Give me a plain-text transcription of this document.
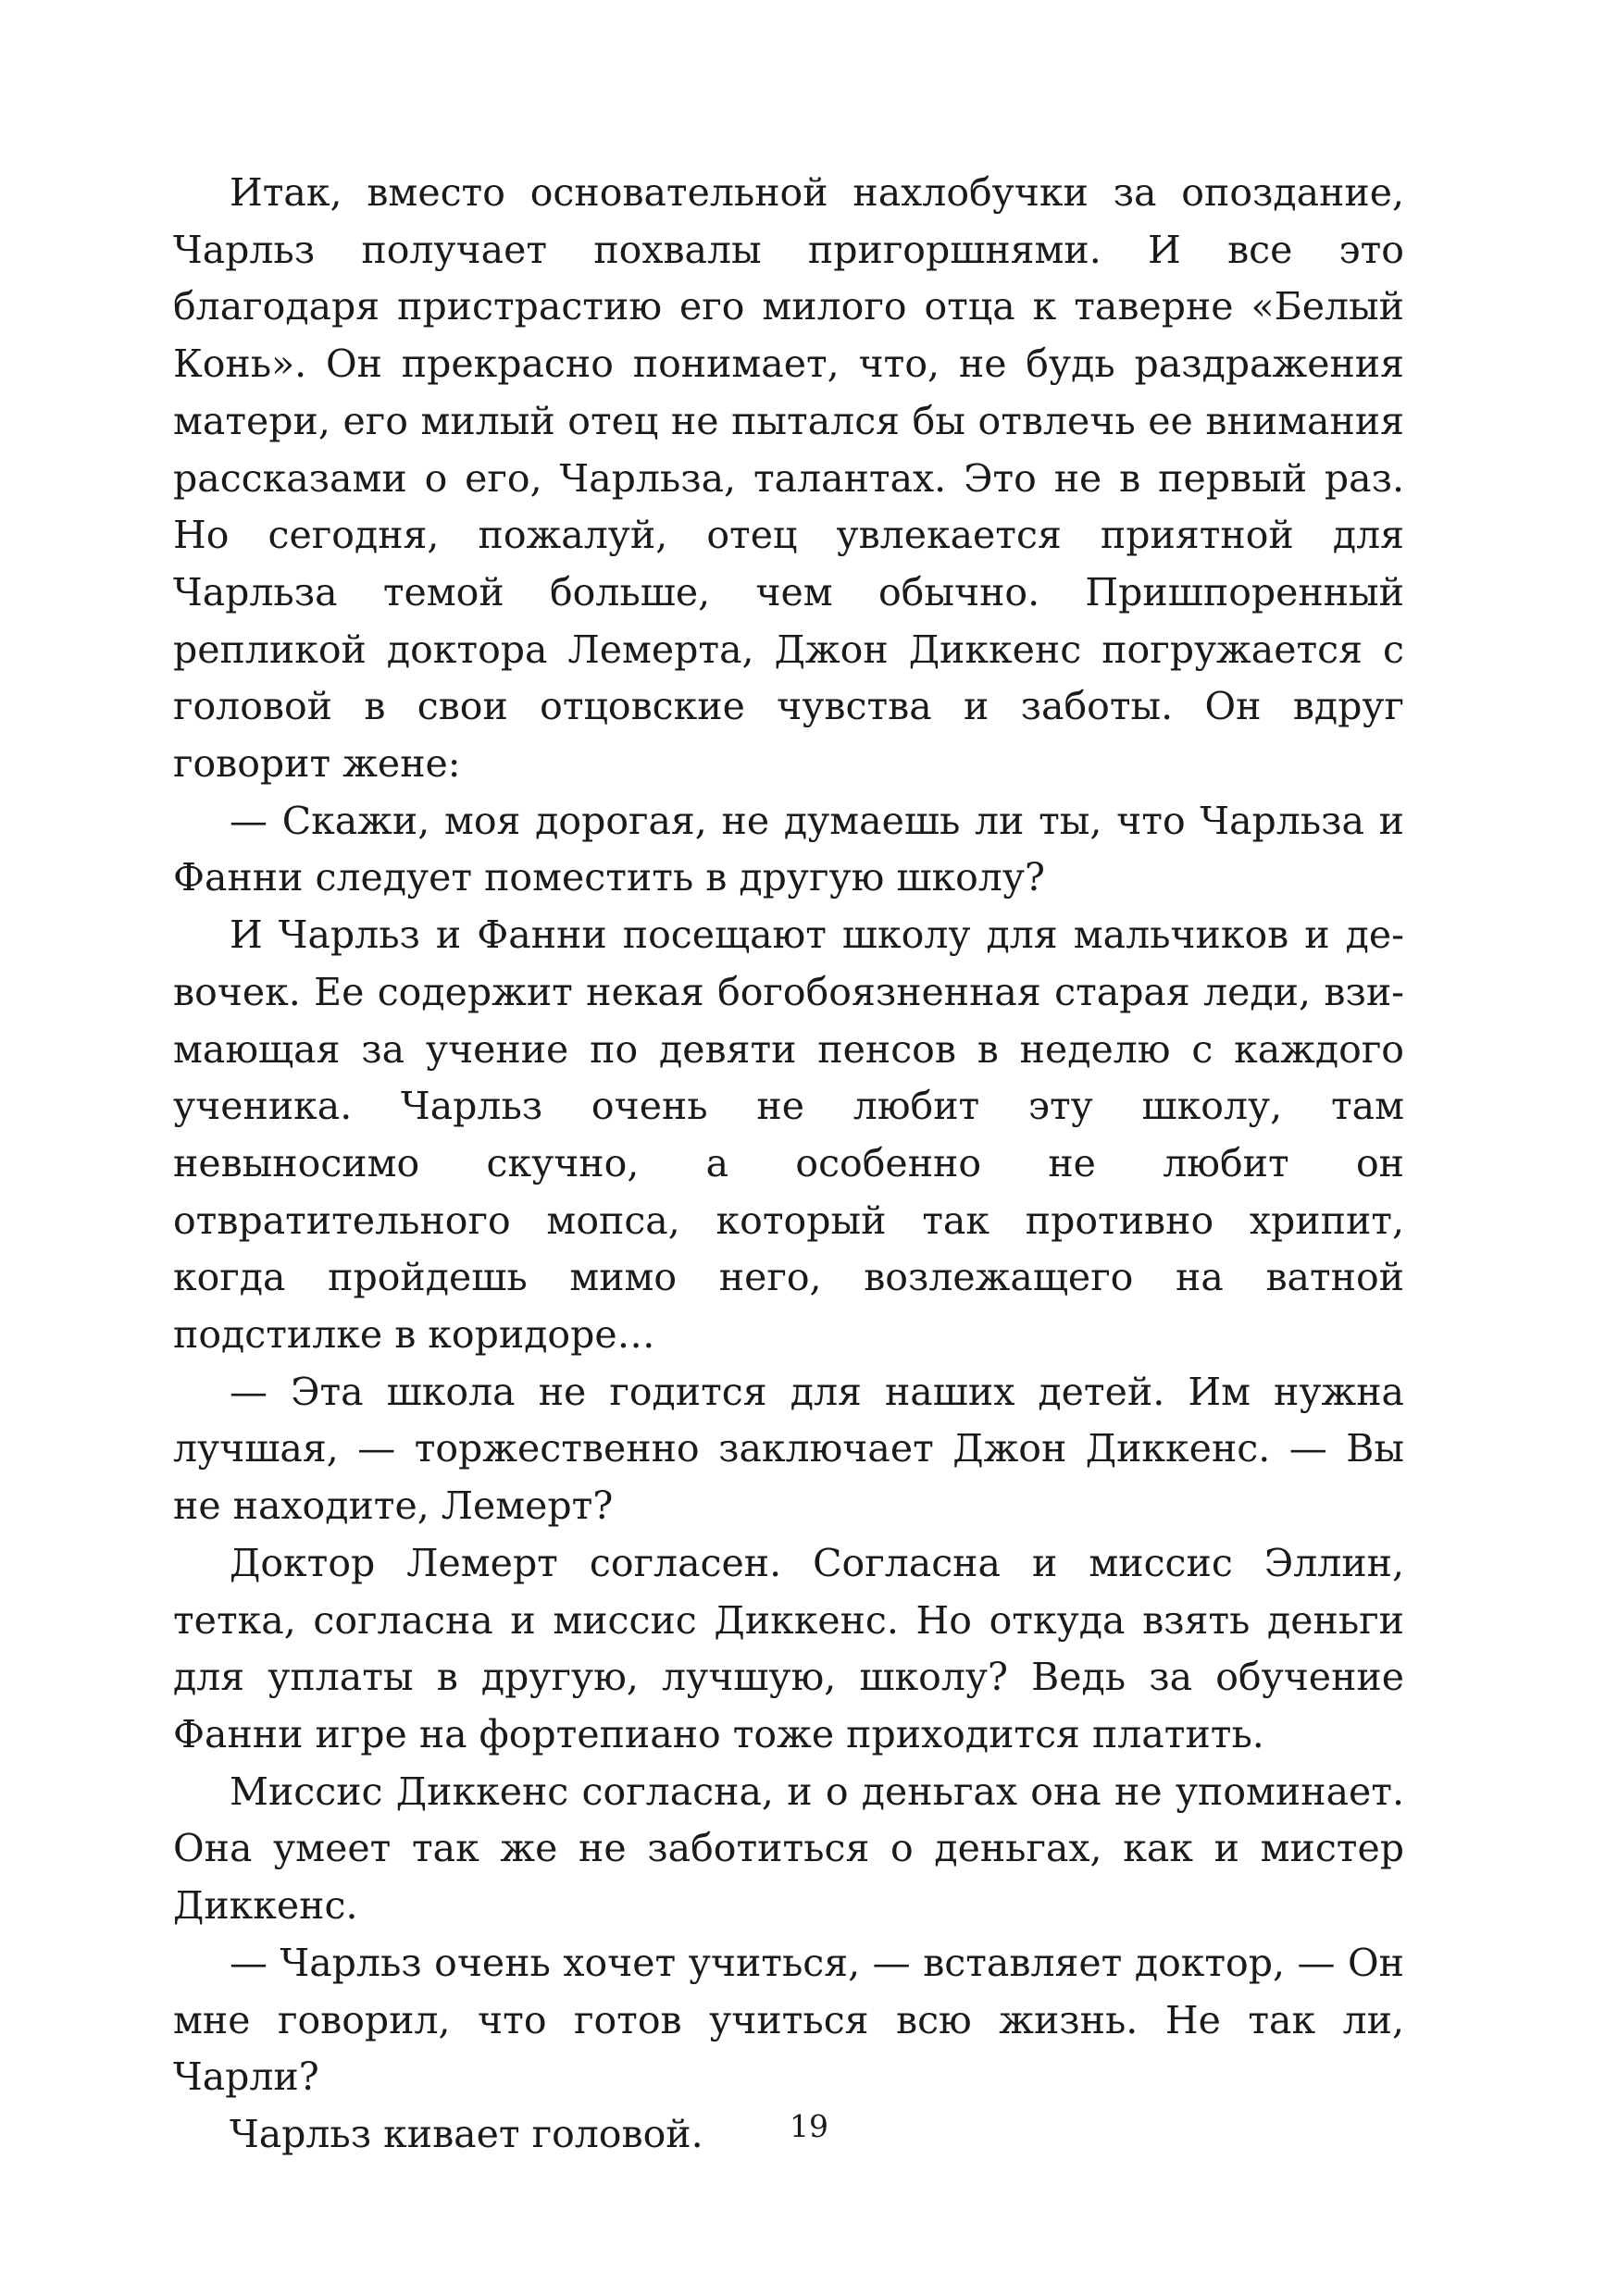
Итак, вместо основательной нахлобучки за опоздание, Чарльз получает похвалы пригоршнями. И все это благодаря пристрастию его милого отца к таверне «Белый Конь». Он прекрасно понимает, что, не будь раздражения матери, его милый отец не пытался бы отвлечь ее внимания рассказами о его, Чарльза, талантах. Это не в первый раз. Но сегодня, пожалуй, отец увлекается приятной для Чарльза темой больше, чем обычно. Пришпоренный репликой доктора Лемерта, Джон Диккенс погружается с головой в свои отцовские чувства и заботы. Он вдруг говорит жене:

— Скажи, моя дорогая, не думаешь ли ты, что Чарльза и Фанни следует поместить в другую школу?

И Чарльз и Фанни посещают школу для мальчиков и девочек. Ее содержит некая богобоязненная старая леди, взимающая за учение по девяти пенсов в неделю с каждого ученика. Чарльз очень не любит эту школу, там невыносимо скучно, а особенно не любит он отвратительного мопса, который так противно хрипит, когда пройдешь мимо него, возлежащего на ватной подстилке в коридоре…

— Эта школа не годится для наших детей. Им нужна лучшая, — торжественно заключает Джон Диккенс. — Вы не находите, Лемерт?

Доктор Лемерт согласен. Согласна и миссис Эллин, тетка, согласна и миссис Диккенс. Но откуда взять деньги для уплаты в другую, лучшую, школу? Ведь за обучение Фанни игре на фортепиано тоже приходится платить.

Миссис Диккенс согласна, и о деньгах она не упоминает. Она умеет так же не заботиться о деньгах, как и мистер Диккенс.

— Чарльз очень хочет учиться, — вставляет доктор, — Он мне говорил, что готов учиться всю жизнь. Не так ли, Чарли?

Чарльз кивает головой.	19
